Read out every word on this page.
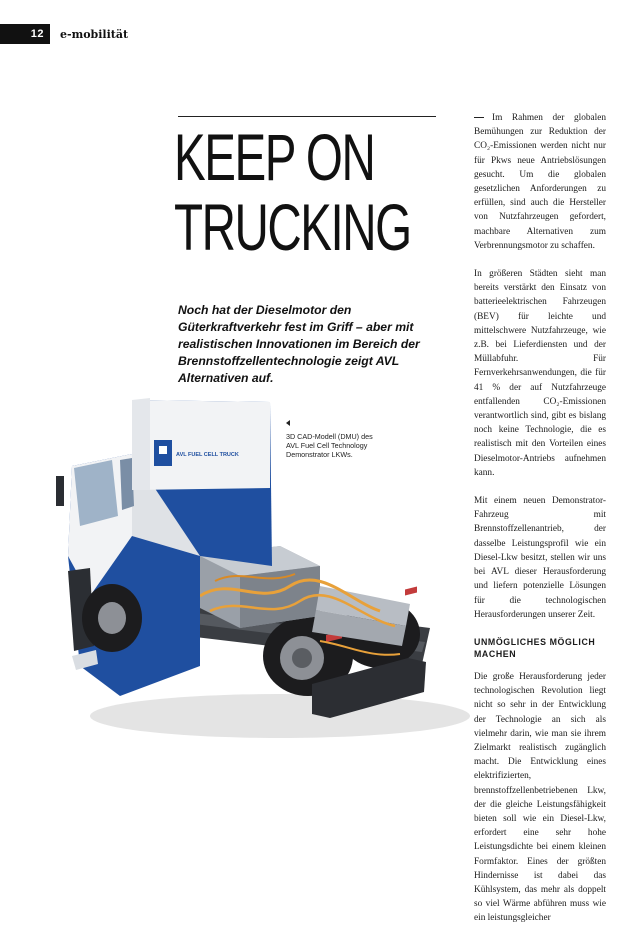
12	e-mobilität
KEEP ON
TRUCKING

Noch hat der Dieselmotor den Güterkraftverkehr fest im Griff – aber mit realistischen Innovationen im Bereich der Brennstoffzellentechnologie zeigt AVL Alternativen auf.

AVL FUEL CELL TRUCK

3D CAD-Modell (DMU) des AVL Fuel Cell Technology Demonstrator LKWs.

Im Rahmen der globalen Bemühungen zur Reduktion der CO₂-Emissionen werden nicht nur für Pkws neue Antriebslösungen gesucht. Um die globalen gesetzlichen Anforderungen zu erfüllen, sind auch die Hersteller von Nutzfahrzeugen gefordert, machbare Alternativen zum Verbrennungsmotor zu schaffen.

In größeren Städten sieht man bereits verstärkt den Einsatz von batterieelektrischen Fahrzeugen (BEV) für leichte und mittelschwere Nutzfahrzeuge, wie z.B. bei Lieferdiensten und der Müllabfuhr. Für Fernverkehrsanwendungen, die für 41 % der auf Nutzfahrzeuge entfallenden CO₂-Emissionen verantwortlich sind, gibt es bislang noch keine Technologie, die es realistisch mit den Vorteilen eines Dieselmotor-Antriebs aufnehmen kann.

Mit einem neuen Demonstrator-Fahrzeug mit Brennstoffzellenantrieb, der dasselbe Leistungsprofil wie ein Diesel-Lkw besitzt, stellen wir uns bei AVL dieser Herausforderung und liefern potenzielle Lösungen für die technologischen Herausforderungen unserer Zeit.

UNMÖGLICHES MÖGLICH MACHEN

Die große Herausforderung jeder technologischen Revolution liegt nicht so sehr in der Entwicklung der Technologie an sich als vielmehr darin, wie man sie ihrem Zielmarkt realistisch zugänglich macht. Die Entwicklung eines elektrifizierten, brennstoffzellenbetriebenen Lkw, der die gleiche Leistungsfähigkeit bieten soll wie ein Diesel-Lkw, erfordert eine sehr hohe Leistungsdichte bei einem kleinen Formfaktor. Eines der größten Hindernisse ist dabei das Kühlsystem, das mehr als doppelt so viel Wärme abführen muss wie ein leistungsgleicher
